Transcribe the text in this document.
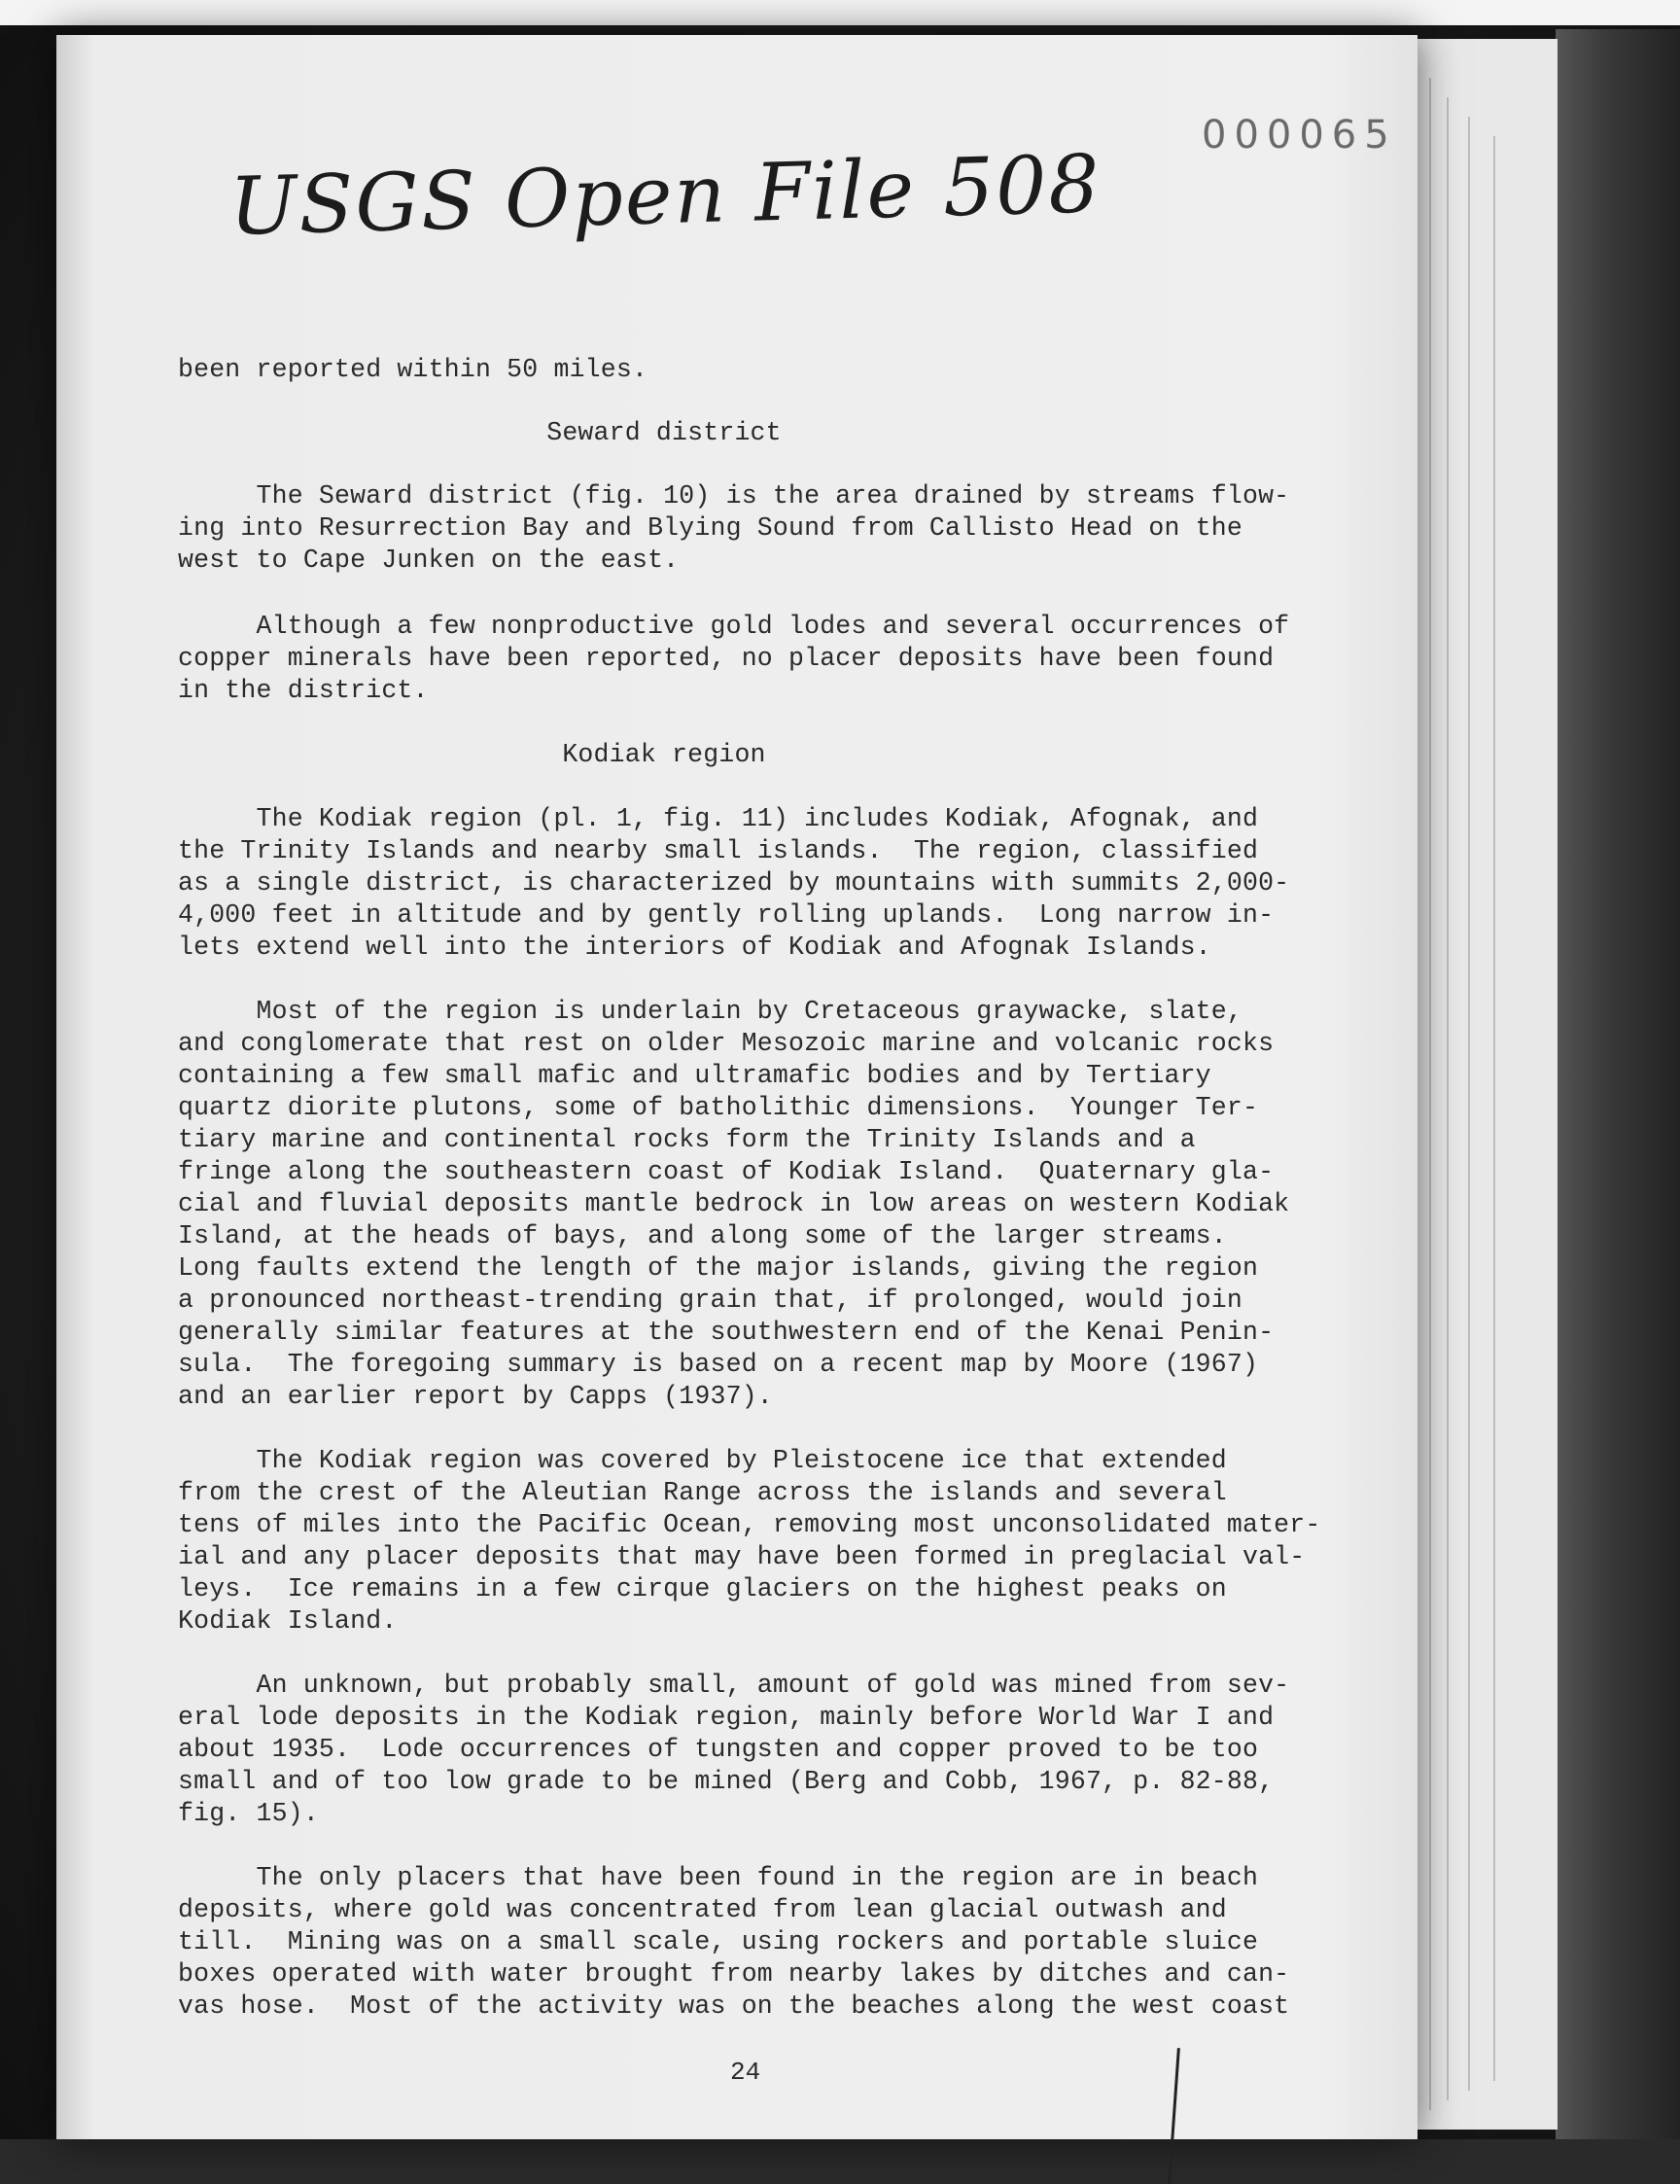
000065
USGS Open File 508
been reported within 50 miles.

Seward district

The Seward district (fig. 10) is the area drained by streams flow-
ing into Resurrection Bay and Blying Sound from Callisto Head on the
west to Cape Junken on the east.
Although a few nonproductive gold lodes and several occurrences of
copper minerals have been reported, no placer deposits have been found
in the district.

Kodiak region

The Kodiak region (pl. 1, fig. 11) includes Kodiak, Afognak, and
the Trinity Islands and nearby small islands.  The region, classified
as a single district, is characterized by mountains with summits 2,000-
4,000 feet in altitude and by gently rolling uplands.  Long narrow in-
lets extend well into the interiors of Kodiak and Afognak Islands.
Most of the region is underlain by Cretaceous graywacke, slate,
and conglomerate that rest on older Mesozoic marine and volcanic rocks
containing a few small mafic and ultramafic bodies and by Tertiary
quartz diorite plutons, some of batholithic dimensions.  Younger Ter-
tiary marine and continental rocks form the Trinity Islands and a
fringe along the southeastern coast of Kodiak Island.  Quaternary gla-
cial and fluvial deposits mantle bedrock in low areas on western Kodiak
Island, at the heads of bays, and along some of the larger streams.
Long faults extend the length of the major islands, giving the region
a pronounced northeast-trending grain that, if prolonged, would join
generally similar features at the southwestern end of the Kenai Penin-
sula.  The foregoing summary is based on a recent map by Moore (1967)
and an earlier report by Capps (1937).
The Kodiak region was covered by Pleistocene ice that extended
from the crest of the Aleutian Range across the islands and several
tens of miles into the Pacific Ocean, removing most unconsolidated mater-
ial and any placer deposits that may have been formed in preglacial val-
leys.  Ice remains in a few cirque glaciers on the highest peaks on
Kodiak Island.
An unknown, but probably small, amount of gold was mined from sev-
eral lode deposits in the Kodiak region, mainly before World War I and
about 1935.  Lode occurrences of tungsten and copper proved to be too
small and of too low grade to be mined (Berg and Cobb, 1967, p. 82-88,
fig. 15).
The only placers that have been found in the region are in beach
deposits, where gold was concentrated from lean glacial outwash and
till.  Mining was on a small scale, using rockers and portable sluice
boxes operated with water brought from nearby lakes by ditches and can-
vas hose.  Most of the activity was on the beaches along the west coast
24
